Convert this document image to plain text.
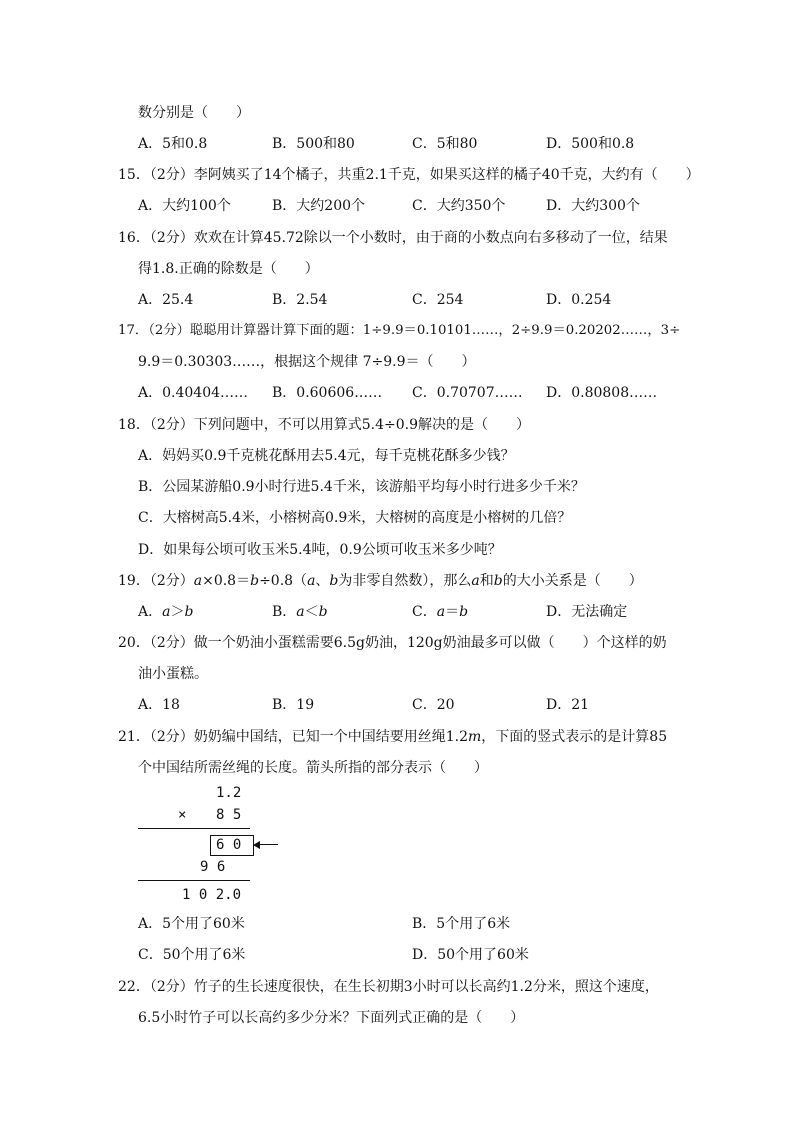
数分别是（　　）
A．5和0.8	B．500和80	C．5和80	D．500和0.8
15．（2分）李阿姨买了14个橘子，共重2.1千克，如果买这样的橘子40千克，大约有（　　）
A．大约100个	B．大约200个	C．大约350个	D．大约300个
16．（2分）欢欢在计算45.72除以一个小数时，由于商的小数点向右多移动了一位，结果
得1.8.正确的除数是（　　）
A．25.4	B．2.54	C．254	D．0.254
17．（2分）聪聪用计算器计算下面的题：1÷9.9＝0.10101……，2÷9.9＝0.20202……，3÷
9.9＝0.30303……，根据这个规律 7÷9.9＝（　　）
A．0.40404…… B．0.60606…… C．0.70707…… D．0.80808……
18．（2分）下列问题中，不可以用算式5.4÷0.9解决的是（　　）
A．妈妈买0.9千克桃花酥用去5.4元，每千克桃花酥多少钱？
B．公园某游船0.9小时行进5.4千米，该游船平均每小时行进多少千米？
C．大榕树高5.4米，小榕树高0.9米，大榕树的高度是小榕树的几倍？
D．如果每公顷可收玉米5.4吨，0.9公顷可收玉米多少吨？
19．（2分）a×0.8＝b÷0.8（a、b为非零自然数），那么a和b的大小关系是（　　）
A．a＞b	B．a＜b	C．a＝b	D．无法确定
20．（2分）做一个奶油小蛋糕需要6.5g奶油，120g奶油最多可以做（　　）个这样的奶
油小蛋糕。
A．18	B．19	C．20	D．21
21．（2分）奶奶编中国结，已知一个中国结要用丝绳1.2m，下面的竖式表示的是计算85
个中国结所需丝绳的长度。箭头所指的部分表示（　　）
1.2
× 8 5
6 0
9 6
1 0 2.0
A．5个用了60米	B．5个用了6米
C．50个用了6米	D．50个用了60米
22．（2分）竹子的生长速度很快，在生长初期3小时可以长高约1.2分米，照这个速度，
6.5小时竹子可以长高约多少分米？下面列式正确的是（　　）
